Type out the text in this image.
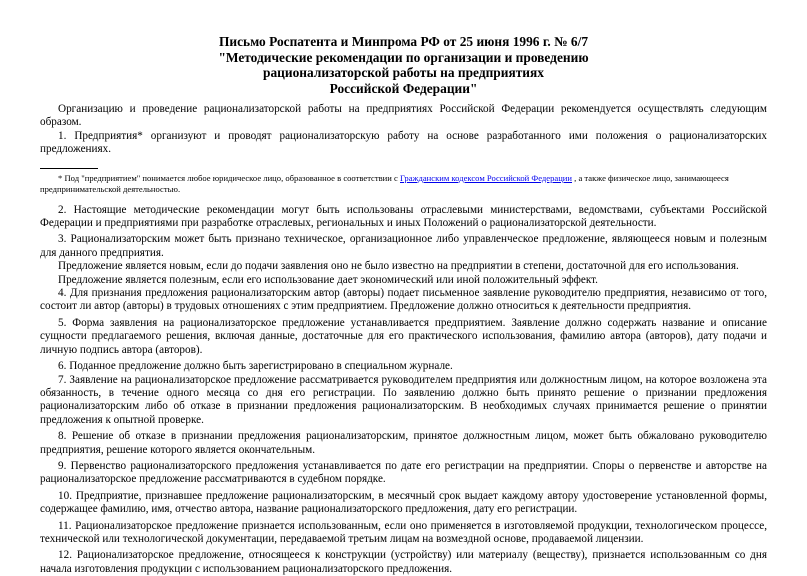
Письмо Роспатента и Минпрома РФ от 25 июня 1996 г. № 6/7
"Методические рекомендации по организации и проведению
рационализаторской работы на предприятиях
Российской Федерации"

Организацию и проведение рационализаторской работы на предприятиях Российской Федерации рекомендуется осуществлять следующим образом.

1. Предприятия* организуют и проводят рационализаторскую работу на основе разработанного ими положения о рационализаторских предложениях.

* Под "предприятием" понимается любое юридическое лицо, образованное в соответствии с Гражданским кодексом Российской Федерации , а также физическое лицо, занимающееся предпринимательской деятельностью.

2. Настоящие методические рекомендации могут быть использованы отраслевыми министерствами, ведомствами, субъектами Российской Федерации и предприятиями при разработке отраслевых, региональных и иных Положений о рационализаторской деятельности.

3. Рационализаторским может быть признано техническое, организационное либо управленческое предложение, являющееся новым и полезным для данного предприятия.

Предложение является новым, если до подачи заявления оно не было известно на предприятии в степени, достаточной для его использования.

Предложение является полезным, если его использование дает экономический или иной положительный эффект.

4. Для признания предложения рационализаторским автор (авторы) подает письменное заявление руководителю предприятия, независимо от того, состоит ли автор (авторы) в трудовых отношениях с этим предприятием. Предложение должно относиться к деятельности предприятия.

5. Форма заявления на рационализаторское предложение устанавливается предприятием. Заявление должно содержать название и описание сущности предлагаемого решения, включая данные, достаточные для его практического использования, фамилию автора (авторов), дату подачи и личную подпись автора (авторов).

6. Поданное предложение должно быть зарегистрировано в специальном журнале.

7. Заявление на рационализаторское предложение рассматривается руководителем предприятия или должностным лицом, на которое возложена эта обязанность, в течение одного месяца со дня его регистрации. По заявлению должно быть принято решение о признании предложения рационализаторским либо об отказе в признании предложения рационализаторским. В необходимых случаях принимается решение о принятии предложения к опытной проверке.

8. Решение об отказе в признании предложения рационализаторским, принятое должностным лицом, может быть обжаловано руководителю предприятия, решение которого является окончательным.

9. Первенство рационализаторского предложения устанавливается по дате его регистрации на предприятии. Споры о первенстве и авторстве на рационализаторское предложение рассматриваются в судебном порядке.

10. Предприятие, признавшее предложение рационализаторским, в месячный срок выдает каждому автору удостоверение установленной формы, содержащее фамилию, имя, отчество автора, название рационализаторского предложения, дату его регистрации.

11. Рационализаторское предложение признается использованным, если оно применяется в изготовляемой продукции, технологическом процессе, технической или технологической документации, передаваемой третьим лицам на возмездной основе, продаваемой лицензии.

12. Рационализаторское предложение, относящееся к конструкции (устройству) или материалу (веществу), признается использованным со дня начала изготовления продукции с использованием рационализаторского предложения.
